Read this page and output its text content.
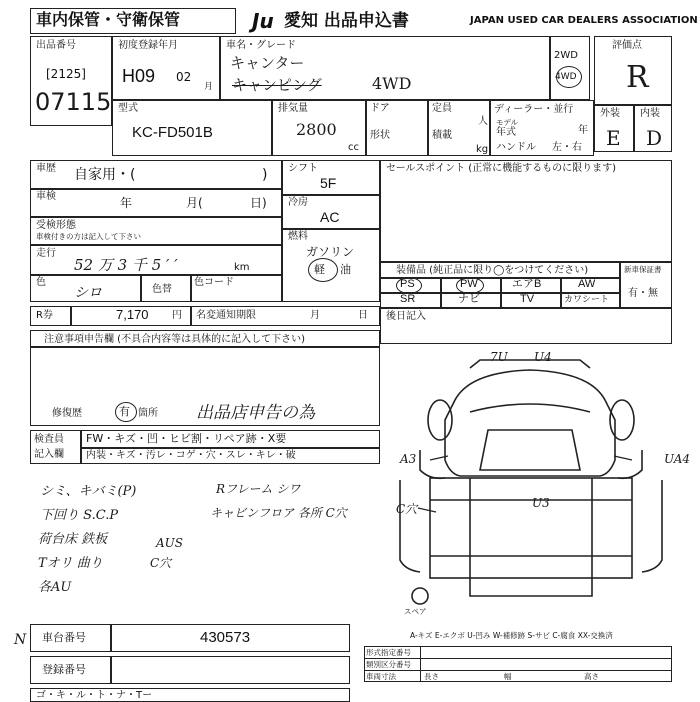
車内保管・守衛保管	Ju 愛知 出品申込書	JAPAN USED CAR DEALERS ASSOCIATION
出品番号
[2125]
07115
初度登録年月
H09 02
月
車名・グレード
キャンター
キャンピング	4WD
2WD
4WD
評価点
R
外装 内装
E D
型式
KC-FD501B
排気量
2800
cc
ドア
形状
定員
人
積載
kg
ディーラー・並行
モデル
年式	年
ハンドル 左・右
車歴 自家用・(	)
車検	年	月(	日)
受検形態
車検付きの方は記入して下さい
走行
52 万 3 千 5 ′ ′	km
色
シロ	色替
色コード
シフト
5F
冷房
AC
燃料
ガソリン
軽 油
セールスポイント (正常に機能するものに限ります)
装備品 (純正品に限り◯をつけてください)
PS	PW	エアB	AW
SR	ナビ	TV	カワシート
新車保証書
有・無
R券	7,170 円 名変通知期限	月	日 後日記入
注意事項申告欄 (不具合内容等は具体的に記入して下さい)
修復歴	有 箇所 出品店申告の為
検査員
記入欄
FW・キズ・凹・ヒビ割・リペア跡・X要
内装・キズ・汚レ・コゲ・穴・スレ・キレ・破
シミ、キバミ(P)
下回り S.C.P
荷台床 鉄板
Tオリ 曲り
各AU
Rフレーム シワ
キャビンフロア 各所 C穴
AUS
C穴
7U U4
A3	UA4
C穴	U3
スペア
A-キズ E-エクボ U-凹み W-補修跡 S-サビ C-腐食 XX-交換済
N 車台番号	430573
登録番号
形式指定番号
類別区分番号
車両寸法	長さ	幅	高さ
ゴ・キ・ル・ト・ナ・Tー
